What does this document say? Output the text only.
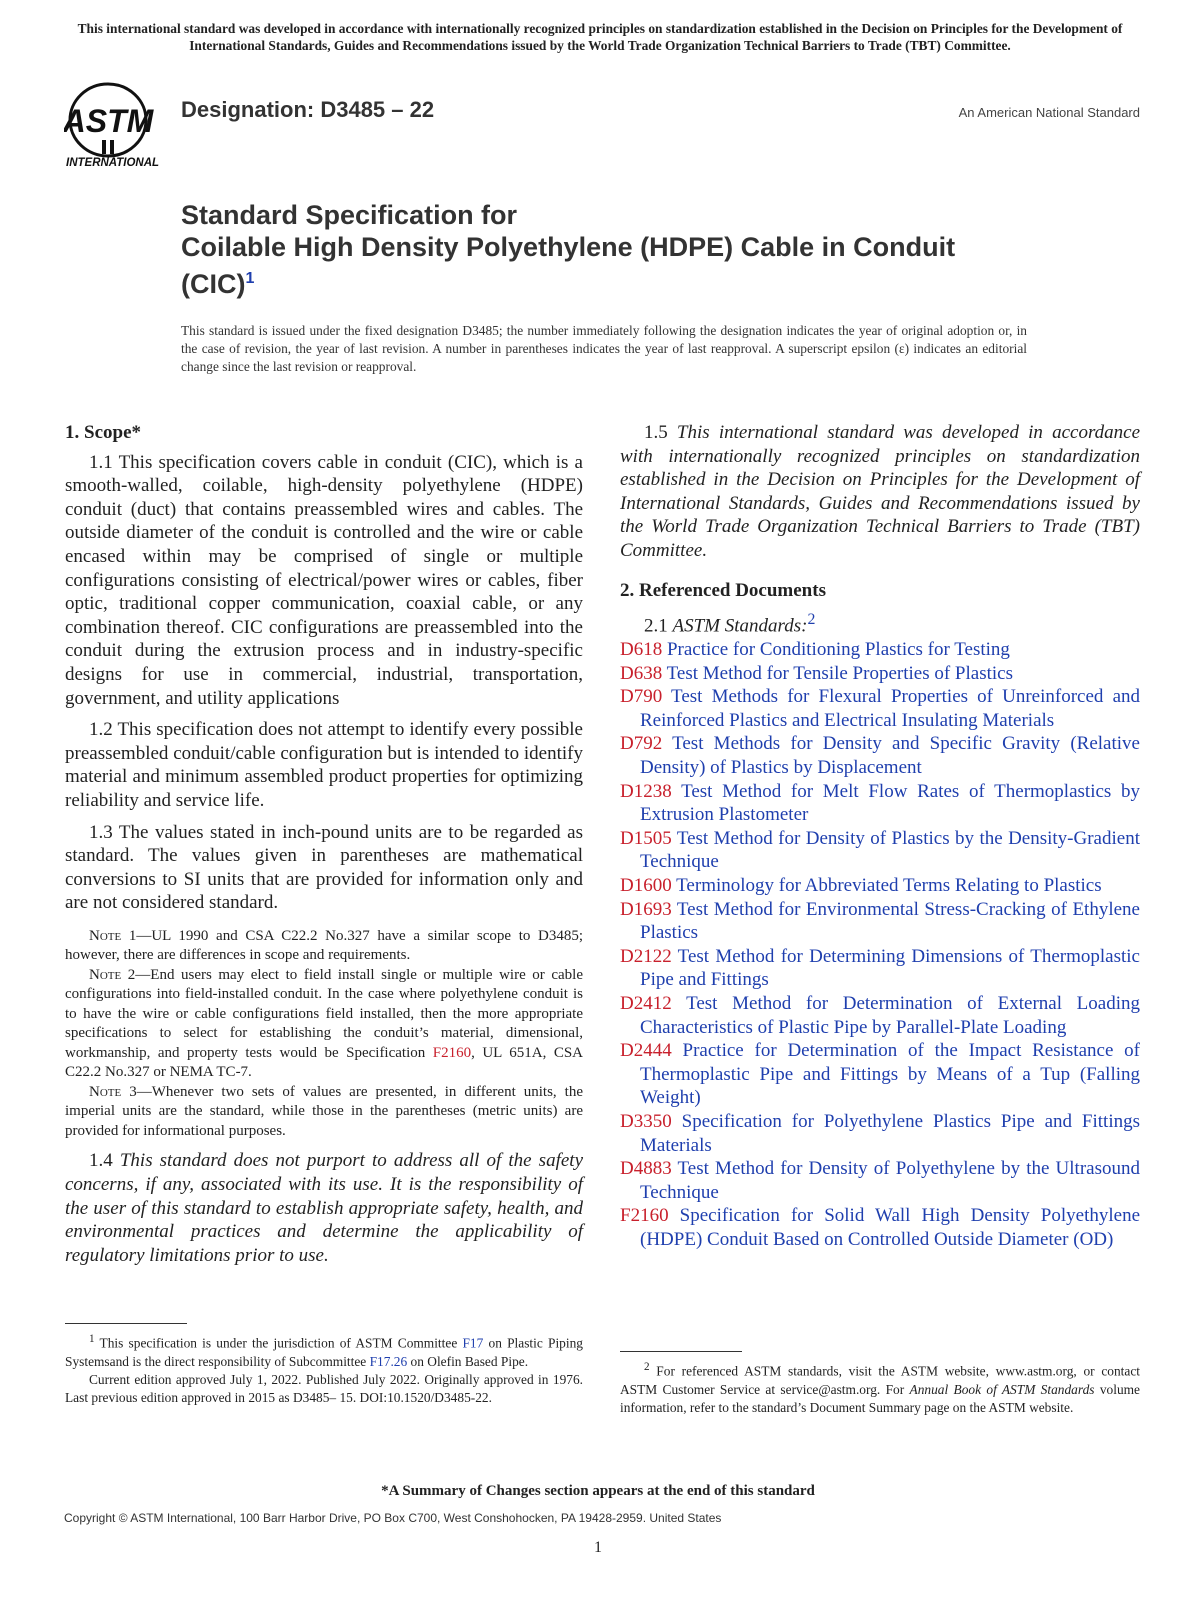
This international standard was developed in accordance with internationally recognized principles on standardization established in the Decision on Principles for the Development of International Standards, Guides and Recommendations issued by the World Trade Organization Technical Barriers to Trade (TBT) Committee.
ASTM
INTERNATIONAL
Designation: D3485 – 22	An American National Standard
Standard Specification for
Coilable High Density Polyethylene (HDPE) Cable in Conduit
(CIC)$^1$
This standard is issued under the fixed designation D3485; the number immediately following the designation indicates the year of original adoption or, in the case of revision, the year of last revision. A number in parentheses indicates the year of last reapproval. A superscript epsilon (ε) indicates an editorial change since the last revision or reapproval.
1. Scope*

1.1 This specification covers cable in conduit (CIC), which is a smooth-walled, coilable, high-density polyethylene (HDPE) conduit (duct) that contains preassembled wires and cables. The outside diameter of the conduit is controlled and the wire or cable encased within may be comprised of single or multiple configurations consisting of electrical/power wires or cables, fiber optic, traditional copper communication, coaxial cable, or any combination thereof. CIC configurations are preassembled into the conduit during the extrusion process and in industry-specific designs for use in commercial, industrial, transportation, government, and utility applications

1.2 This specification does not attempt to identify every possible preassembled conduit/cable configuration but is intended to identify material and minimum assembled product properties for optimizing reliability and service life.

1.3 The values stated in inch-pound units are to be regarded as standard. The values given in parentheses are mathematical conversions to SI units that are provided for information only and are not considered standard.

Note 1—UL 1990 and CSA C22.2 No.327 have a similar scope to D3485; however, there are differences in scope and requirements.
Note 2—End users may elect to field install single or multiple wire or cable configurations into field-installed conduit. In the case where polyethylene conduit is to have the wire or cable configurations field installed, then the more appropriate specifications to select for establishing the conduit’s material, dimensional, workmanship, and property tests would be Specification F2160, UL 651A, CSA C22.2 No.327 or NEMA TC-7.
Note 3—Whenever two sets of values are presented, in different units, the imperial units are the standard, while those in the parentheses (metric units) are provided for informational purposes.

1.4 This standard does not purport to address all of the safety concerns, if any, associated with its use. It is the responsibility of the user of this standard to establish appropriate safety, health, and environmental practices and determine the applicability of regulatory limitations prior to use.

$^1$ This specification is under the jurisdiction of ASTM Committee F17 on Plastic Piping Systemsand is the direct responsibility of Subcommittee F17.26 on Olefin Based Pipe.

Current edition approved July 1, 2022. Published July 2022. Originally approved in 1976. Last previous edition approved in 2015 as D3485– 15. DOI:10.1520/D3485-22.

1.5 This international standard was developed in accordance with internationally recognized principles on standardization established in the Decision on Principles for the Development of International Standards, Guides and Recommendations issued by the World Trade Organization Technical Barriers to Trade (TBT) Committee.

2. Referenced Documents

2.1 ASTM Standards:$^2$

D618 Practice for Conditioning Plastics for Testing
D638 Test Method for Tensile Properties of Plastics
D790 Test Methods for Flexural Properties of Unreinforced and Reinforced Plastics and Electrical Insulating Materials
D792 Test Methods for Density and Specific Gravity (Relative Density) of Plastics by Displacement
D1238 Test Method for Melt Flow Rates of Thermoplastics by Extrusion Plastometer
D1505 Test Method for Density of Plastics by the Density-Gradient Technique
D1600 Terminology for Abbreviated Terms Relating to Plastics
D1693 Test Method for Environmental Stress-Cracking of Ethylene Plastics
D2122 Test Method for Determining Dimensions of Thermoplastic Pipe and Fittings
D2412 Test Method for Determination of External Loading Characteristics of Plastic Pipe by Parallel-Plate Loading
D2444 Practice for Determination of the Impact Resistance of Thermoplastic Pipe and Fittings by Means of a Tup (Falling Weight)
D3350 Specification for Polyethylene Plastics Pipe and Fittings Materials
D4883 Test Method for Density of Polyethylene by the Ultrasound Technique
F2160 Specification for Solid Wall High Density Polyethylene (HDPE) Conduit Based on Controlled Outside Diameter (OD)

$^2$ For referenced ASTM standards, visit the ASTM website, www.astm.org, or contact ASTM Customer Service at service@astm.org. For Annual Book of ASTM Standards volume information, refer to the standard’s Document Summary page on the ASTM website.

*A Summary of Changes section appears at the end of this standard
Copyright © ASTM International, 100 Barr Harbor Drive, PO Box C700, West Conshohocken, PA 19428-2959. United States
1
